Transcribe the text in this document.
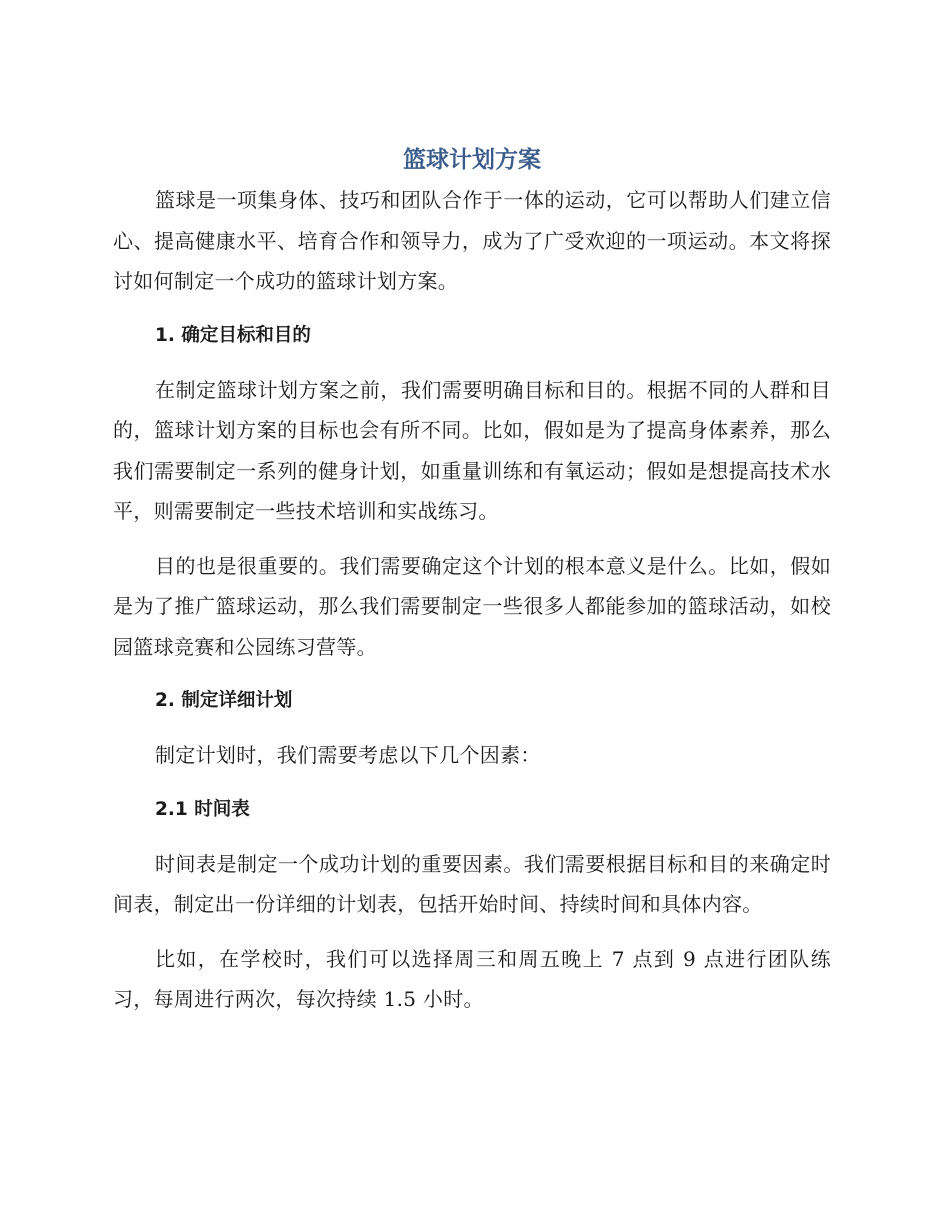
篮球计划方案

篮球是一项集身体、技巧和团队合作于一体的运动，它可以帮助人们建立信心、提高健康水平、培育合作和领导力，成为了广受欢迎的一项运动。本文将探讨如何制定一个成功的篮球计划方案。

1. 确定目标和目的

在制定篮球计划方案之前，我们需要明确目标和目的。根据不同的人群和目的，篮球计划方案的目标也会有所不同。比如，假如是为了提高身体素养，那么我们需要制定一系列的健身计划，如重量训练和有氧运动；假如是想提高技术水平，则需要制定一些技术培训和实战练习。

目的也是很重要的。我们需要确定这个计划的根本意义是什么。比如，假如是为了推广篮球运动，那么我们需要制定一些很多人都能参加的篮球活动，如校园篮球竞赛和公园练习营等。

2. 制定详细计划

制定计划时，我们需要考虑以下几个因素：

2.1 时间表

时间表是制定一个成功计划的重要因素。我们需要根据目标和目的来确定时间表，制定出一份详细的计划表，包括开始时间、持续时间和具体内容。

比如，在学校时，我们可以选择周三和周五晚上 7 点到 9 点进行团队练习，每周进行两次，每次持续 1.5 小时。
